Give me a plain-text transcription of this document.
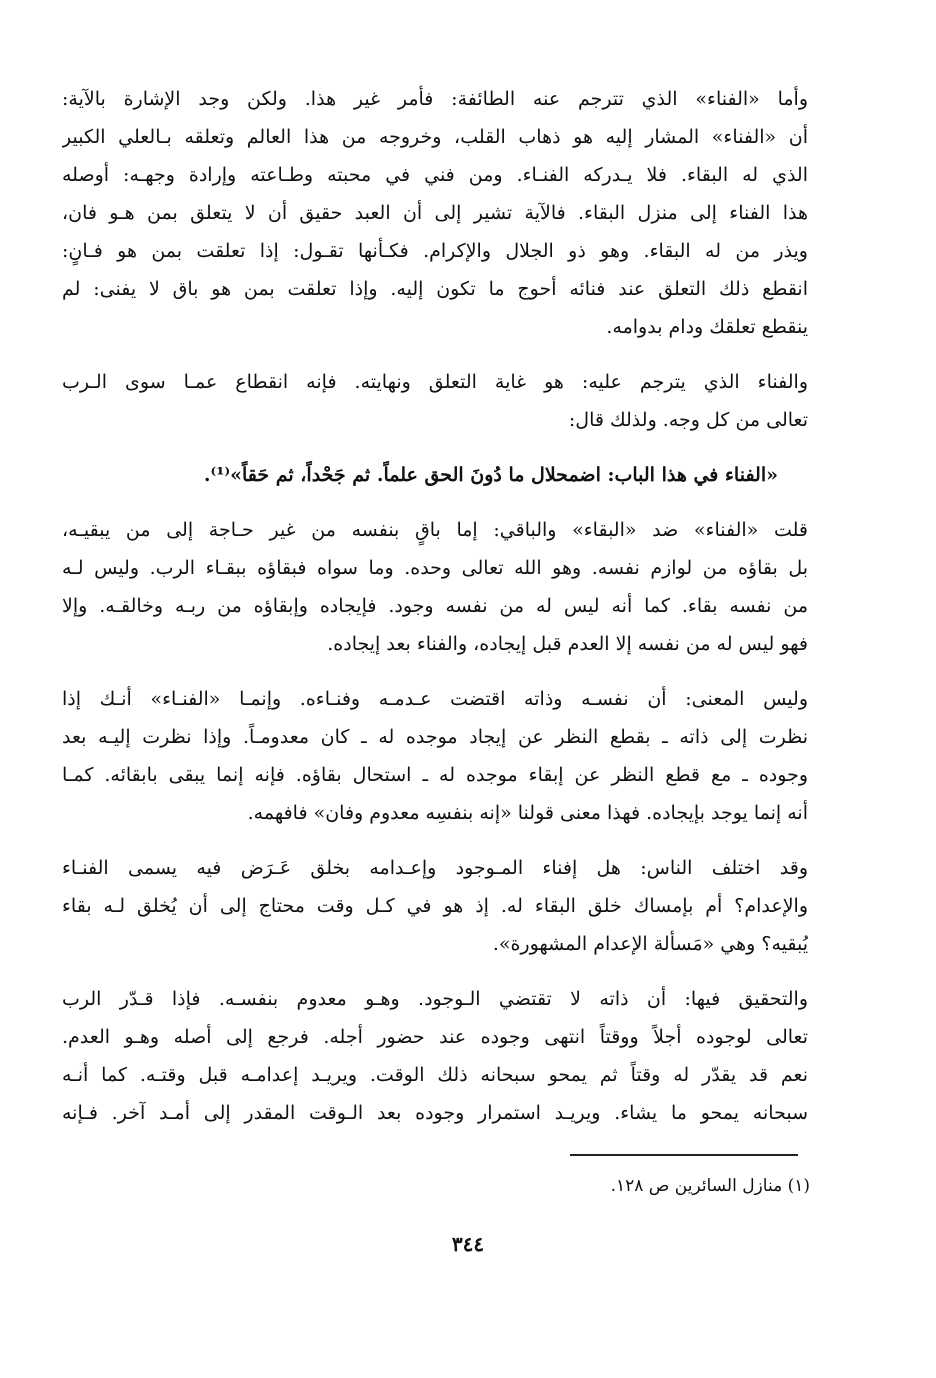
وأما «الفناء» الذي تترجم عنه الطائفة: فأمر غير هذا. ولكن وجد الإشارة بالآية:
أن «الفناء» المشار إليه هو ذهاب القلب، وخروجه من هذا العالم وتعلقه بـالعلي الكبير
الذي له البقاء. فلا يـدركه الفنـاء. ومن فني في محبته وطـاعته وإرادة وجهـه: أوصله
هذا الفناء إلى منزل البقاء. فالآية تشير إلى أن العبد حقيق أن لا يتعلق بمن هـو فان،
ويذر من له البقاء. وهو ذو الجلال والإكرام. فكـأنها تقـول: إذا تعلقت بمن هو فـانٍ:
انقطع ذلك التعلق عند فنائه أحوج ما تكون إليه. وإذا تعلقت بمن هو باق لا يفنى: لم
ينقطع تعلقك ودام بدوامه.
والفناء الذي يترجم عليه: هو غاية التعلق ونهايته. فإنه انقطاع عمـا سوى الـرب
تعالى من كل وجه. ولذلك قال:
«الفناء في هذا الباب: اضمحلال ما دُونَ الحق علماً. ثم جَحْداً، ثم حَقاً»⁽¹⁾.
قلت «الفناء» ضد «البقاء» والباقي: إما باقٍ بنفسه من غير حـاجة إلى من يبقيـه،
بل بقاؤه من لوازم نفسه. وهو الله تعالى وحده. وما سواه فبقاؤه ببقـاء الرب. وليس لـه
من نفسه بقاء. كما أنه ليس له من نفسه وجود. فإيجاده وإبقاؤه من ربـه وخالقـه. وإلا
فهو ليس له من نفسه إلا العدم قبل إيجاده، والفناء بعد إيجاده.
وليس المعنى: أن نفسـه وذاته اقتضت عـدمـه وفنـاءه. وإنمـا «الفنـاء» أنـك إذا
نظرت إلى ذاته ـ بقطع النظر عن إيجاد موجده له ـ كان معدومـاً. وإذا نظرت إليـه بعد
وجوده ـ مع قطع النظر عن إبقاء موجده له ـ استحال بقاؤه. فإنه إنما يبقى بابقائه. كمـا
أنه إنما يوجد بإيجاده. فهذا معنى قولنا «إنه بنفسِه معدوم وفان» فافهمه.
وقد اختلف الناس: هل إفناء المـوجود وإعـدامه بخلق عَـرَض فيه يسمى الفنـاء
والإعدام؟ أم بإمساك خلق البقاء له. إذ هو في كـل وقت محتاج إلى أن يُخلق لـه بقاء
يُبقيه؟ وهي «مَسألة الإعدام المشهورة».
والتحقيق فيها: أن ذاته لا تقتضي الـوجود. وهـو معدوم بنفسـه. فإذا قـدّر الرب
تعالى لوجوده أجلاً ووقتاً انتهى وجوده عند حضور أجله. فرجع إلى أصله وهـو العدم.
نعم قد يقدّر له وقتاً ثم يمحو سبحانه ذلك الوقت. ويريـد إعدامـه قبل وقتـه. كما أنـه
سبحانه يمحو ما يشاء. ويريـد استمرار وجوده بعد الـوقت المقدر إلى أمـد آخر. فـإنه
(١) منازل السائرين ص ١٢٨.
٣٤٤
